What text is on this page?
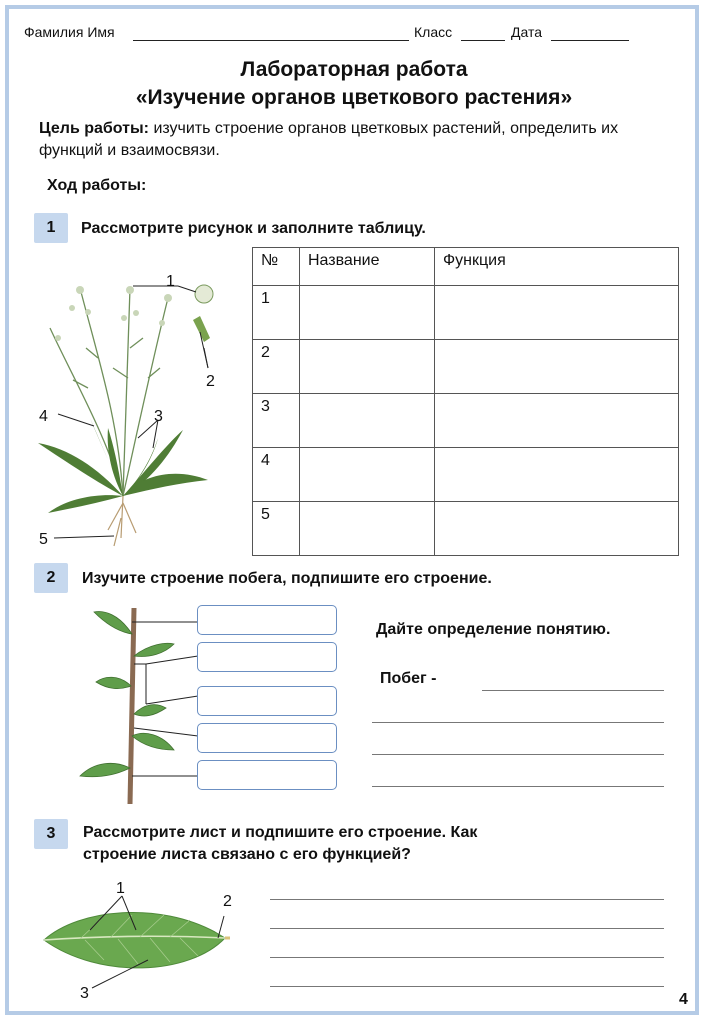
Фамилия Имя	Класс	Дата
Лабораторная работа
«Изучение органов цветкового растения»
Цель работы: изучить строение органов цветковых растений, определить их функций и взаимосвязи.
Ход работы:
1	Рассмотрите рисунок и заполните таблицу.
№	Название	Функция
1		
2		
3		
4		
5		
1
2
3
4
5
2	Изучите строение побега, подпишите его строение.
Дайте определение понятию.
Побег -
3	Рассмотрите лист и подпишите его строение. Как
строение листа связано с его функцией?
1
2
3	4
